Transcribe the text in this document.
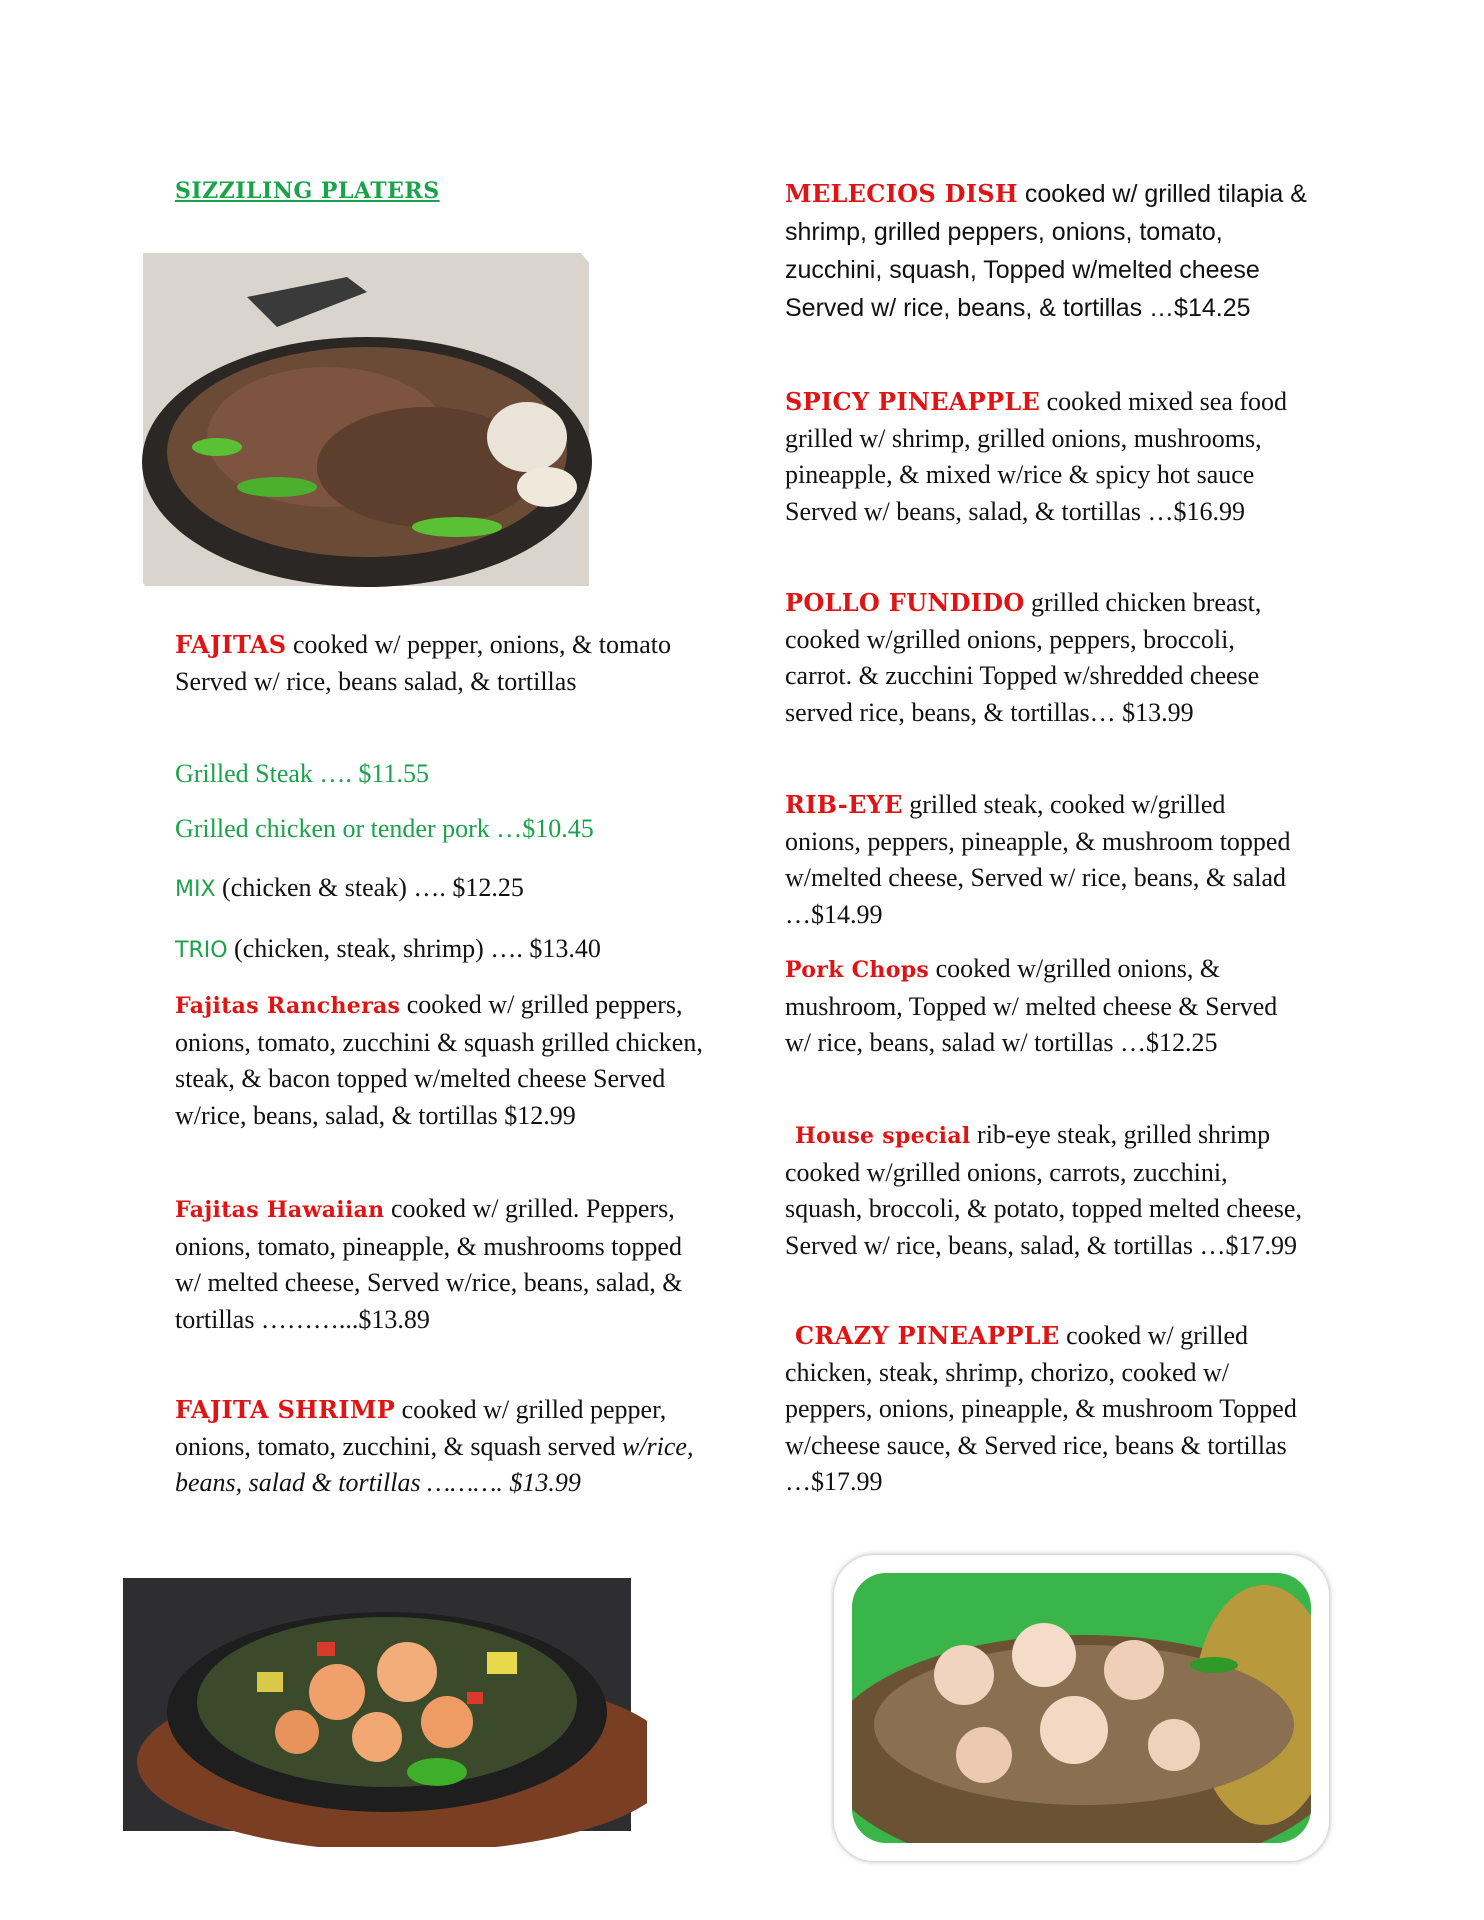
SIZZILING PLATERS
FAJITAS cooked w/ pepper, onions, & tomato Served w/ rice, beans salad, & tortillas
Grilled Steak …. $11.55
Grilled chicken or tender pork …$10.45
MIX (chicken & steak) …. $12.25
TRIO (chicken, steak, shrimp) …. $13.40
Fajitas Rancheras cooked w/ grilled peppers, onions, tomato, zucchini & squash grilled chicken, steak, & bacon topped w/melted cheese Served w/rice, beans, salad, & tortillas $12.99
Fajitas Hawaiian cooked w/ grilled. Peppers, onions, tomato, pineapple, & mushrooms topped w/ melted cheese, Served w/rice, beans, salad, & tortillas ………...$13.89
FAJITA SHRIMP cooked w/ grilled pepper, onions, tomato, zucchini, & squash served w/rice, beans, salad & tortillas ………. $13.99
MELECIOS DISH cooked w/ grilled tilapia & shrimp, grilled peppers, onions, tomato, zucchini, squash, Topped w/melted cheese Served w/ rice, beans, & tortillas …$14.25
SPICY PINEAPPLE cooked mixed sea food grilled w/ shrimp, grilled onions, mushrooms, pineapple, & mixed w/rice & spicy hot sauce Served w/ beans, salad, & tortillas …$16.99
POLLO FUNDIDO grilled chicken breast, cooked w/grilled onions, peppers, broccoli, carrot. & zucchini Topped w/shredded cheese served rice, beans, & tortillas… $13.99
RIB-EYE grilled steak, cooked w/grilled onions, peppers, pineapple, & mushroom topped w/melted cheese, Served w/ rice, beans, & salad …$14.99
Pork Chops cooked w/grilled onions, & mushroom, Topped w/ melted cheese & Served w/ rice, beans, salad w/ tortillas …$12.25
House special rib-eye steak, grilled shrimp cooked w/grilled onions, carrots, zucchini, squash, broccoli, & potato, topped melted cheese, Served w/ rice, beans, salad, & tortillas …$17.99
CRAZY PINEAPPLE cooked w/ grilled chicken, steak, shrimp, chorizo, cooked w/ peppers, onions, pineapple, & mushroom Topped w/cheese sauce, & Served rice, beans & tortillas …$17.99
